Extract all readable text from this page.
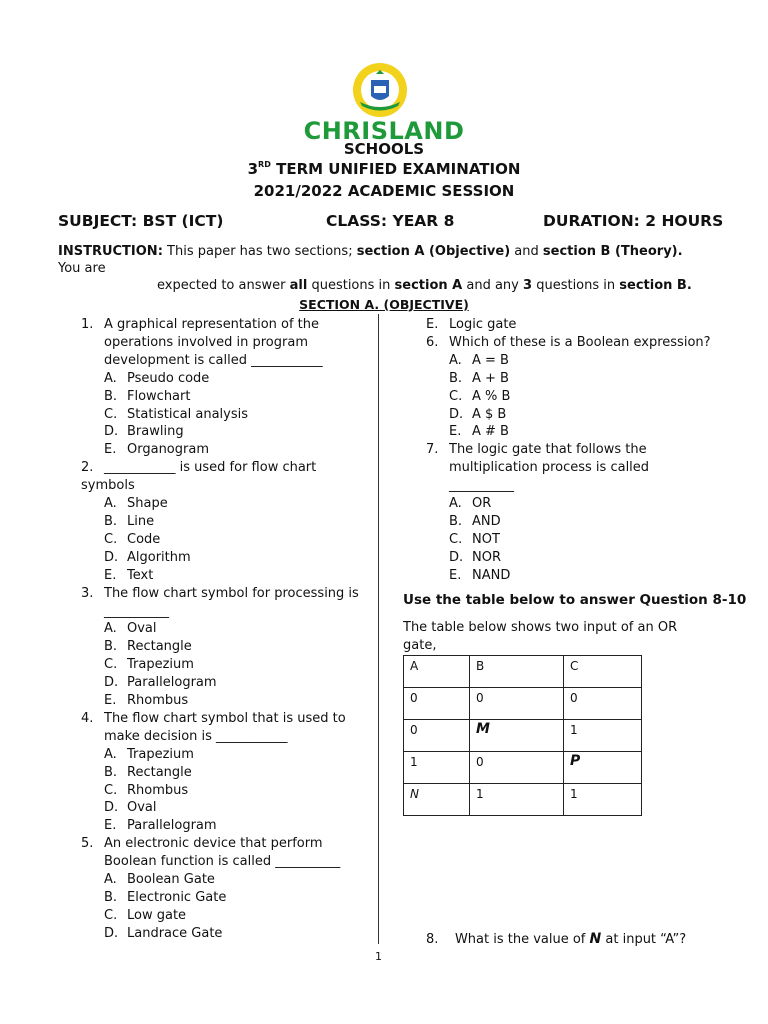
CHRISLAND
SCHOOLS
3RD TERM UNIFIED EXAMINATION
2021/2022 ACADEMIC SESSION
SUBJECT: BST (ICT)	CLASS: YEAR 8	DURATION: 2 HOURS
INSTRUCTION: This paper has two sections; section A (Objective) and section B (Theory). You are
expected to answer all questions in section A and any 3 questions in section B.
SECTION A. (OBJECTIVE)
1. A graphical representation of the
operations involved in program
development is called ___________
A. Pseudo code
B. Flowchart
C. Statistical analysis
D. Brawling
E. Organogram
2. ___________ is used for flow chart
symbols
A. Shape
B. Line
C. Code
D. Algorithm
E. Text
3. The flow chart symbol for processing is
__________
A. Oval
B. Rectangle
C. Trapezium
D. Parallelogram
E. Rhombus
4. The flow chart symbol that is used to
make decision is ___________
A. Trapezium
B. Rectangle
C. Rhombus
D. Oval
E. Parallelogram
5. An electronic device that perform
Boolean function is called __________
A. Boolean Gate
B. Electronic Gate
C. Low gate
D. Landrace Gate
E. Logic gate
6. Which of these is a Boolean expression?
A. A = B
B. A + B
C. A % B
D. A $ B
E. A # B
7. The logic gate that follows the
multiplication process is called
__________
A. OR
B. AND
C. NOT
D. NOR
E. NAND
Use the table below to answer Question 8-10
The table below shows two input of an OR gate,
A	B	C
0	0	0
0	M	1
1	0	P
N	1	1
8. What is the value of N at input “A”?
1
